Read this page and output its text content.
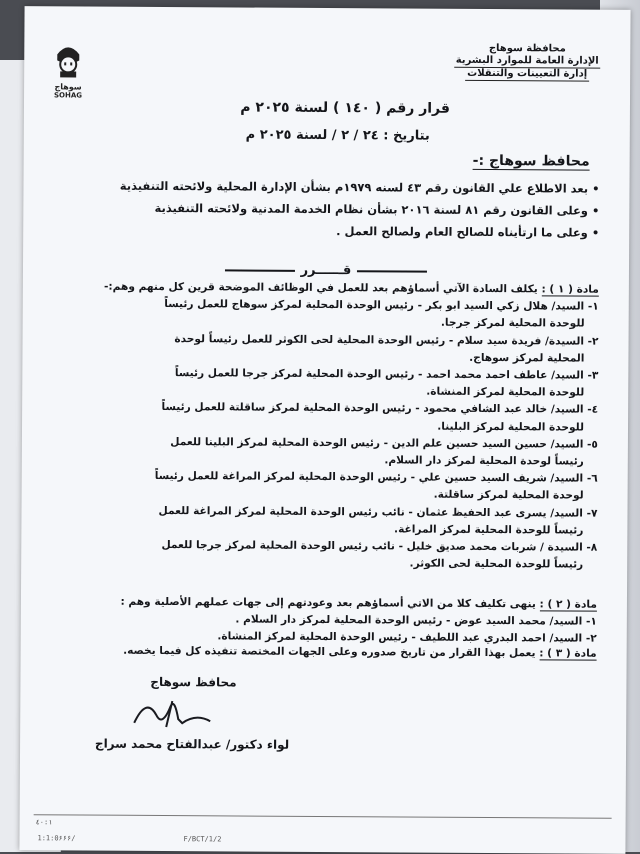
سوهاج
SOHAG
محافظة سوهاج
الإدارة العامة للموارد البشرية إدارة التعيينات والتنقلات
قرار رقم ( ١٤٠ ) لسنة ٢٠٢٥ م
بتاريخ : ٢٤ / ٢ / لسنة ٢٠٢٥ م
محافظ سوهاج :-
• بعد الاطلاع علي القانون رقم ٤٣ لسنه ١٩٧٩م بشأن الإدارة المحلية ولائحته التنفيذية
• وعلى القانون رقم ٨١ لسنة ٢٠١٦ بشأن نظام الخدمة المدنية ولائحته التنفيذية
• وعلى ما ارتأيناه للصالح العام ولصالح العمل .
قــــــرر
مادة ( ١ ) : يكلف السادة الآتي أسماؤهم بعد للعمل في الوظائف الموضحة قرين كل منهم وهم:-
١- السيد/ هلال زكي السيد ابو بكر - رئيس الوحدة المحلية لمركز سوهاج للعمل رئيساً
للوحدة المحلية لمركز جرجا.
٢- السيدة/ فريدة سيد سلام - رئيس الوحدة المحلية لحى الكوثر للعمل رئيساً لوحدة
المحلية لمركز سوهاج.
٣- السيد/ عاطف احمد محمد احمد - رئيس الوحدة المحلية لمركز جرجا للعمل رئيساً
للوحدة المحلية لمركز المنشاة.
٤- السيد/ خالد عبد الشافي محمود - رئيس الوحدة المحلية لمركز ساقلتة للعمل رئيساً
للوحدة المحلية لمركز البلينا.
٥- السيد/ حسين السيد حسين علم الدين - رئيس الوحدة المحلية لمركز البلينا للعمل
رئيساً لوحدة المحلية لمركز دار السلام.
٦- السيد/ شريف السيد حسين علي - رئيس الوحدة المحلية لمركز المراغة للعمل رئيساً
لوحدة المحلية لمركز ساقلتة.
٧- السيد/ يسرى عبد الحفيظ عثمان - نائب رئيس الوحدة المحلية لمركز المراغة للعمل
رئيساً للوحدة المحلية لمركز المراغة.
٨- السيدة / شربات محمد صديق خليل - نائب رئيس الوحدة المحلية لمركز جرجا للعمل
رئيساً للوحدة المحلية لحى الكوثر.
مادة ( ٢ ) : ينهى تكليف كلا من الاتي أسماؤهم بعد وعودتهم إلى جهات عملهم الأصلية وهم :
١- السيد/ محمد السيد عوض - رئيس الوحدة المحلية لمركز دار السلام .
٢- السيد/ احمد البدري عبد اللطيف - رئيس الوحدة المحلية لمركز المنشاة.
مادة ( ٣ ) : يعمل بهذا القرار من تاريخ صدوره وعلى الجهات المختصة تنفيذه كل فيما يخصه.
محافظ سوهاج
لواء دكتور/ عبدالفتاح محمد سراج
٤٠:١
1:1:0۶۶۶/	F/BCT/1/2
